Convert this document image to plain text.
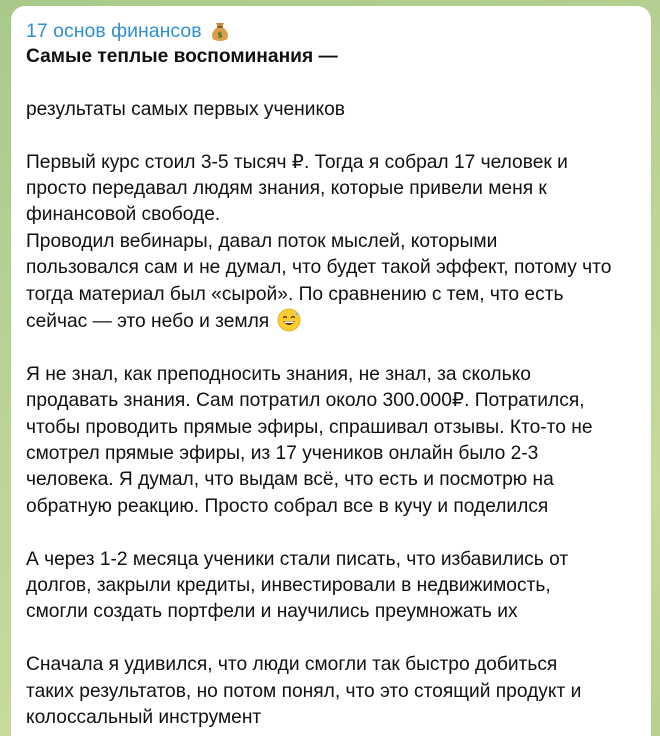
17 основ финансов $
Самые теплые воспоминания —
результаты самых первых учеников
Первый курс стоил 3-5 тысяч ₽. Тогда я собрал 17 человек и
просто передавал людям знания, которые привели меня к
финансовой свободе.
Проводил вебинары, давал поток мыслей, которыми
пользовался сам и не думал, что будет такой эффект, потому что
тогда материал был «сырой». По сравнению с тем, что есть
сейчас — это небо и земля
Я не знал, как преподносить знания, не знал, за сколько
продавать знания. Сам потратил около 300.000₽. Потратился,
чтобы проводить прямые эфиры, спрашивал отзывы. Кто-то не
смотрел прямые эфиры, из 17 учеников онлайн было 2-3
человека. Я думал, что выдам всё, что есть и посмотрю на
обратную реакцию. Просто собрал все в кучу и поделился
А через 1-2 месяца ученики стали писать, что избавились от
долгов, закрыли кредиты, инвестировали в недвижимость,
смогли создать портфели и научились преумножать их
Сначала я удивился, что люди смогли так быстро добиться
таких результатов, но потом понял, что это стоящий продукт и
колоссальный инструмент
